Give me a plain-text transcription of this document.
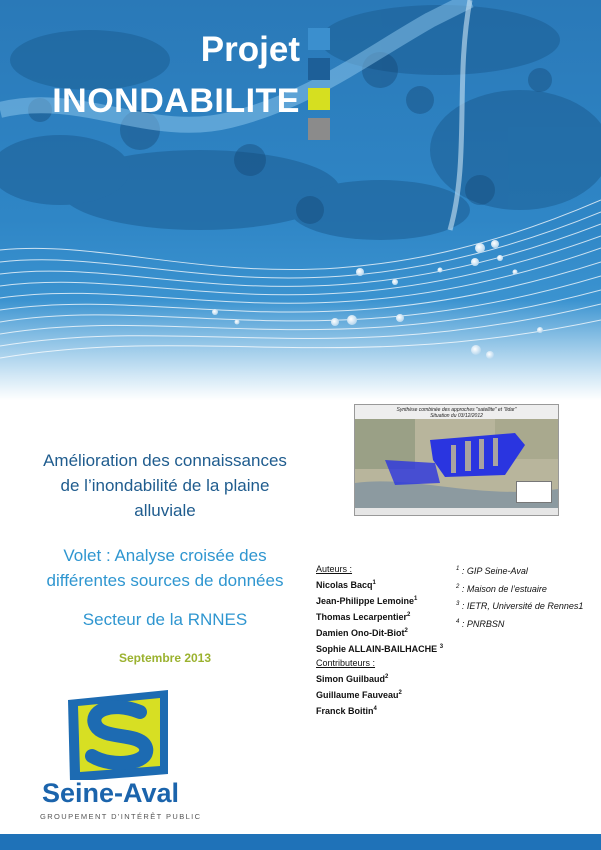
Projet
INONDABILITE
Synthèse combinée des approches "satellite" et "lidar"
Situation du 03/12/2012
Amélioration des connaissances
de l’inondabilité de la plaine
alluviale
Volet : Analyse croisée des
différentes sources de données
Secteur de la RNNES
Septembre 2013
Auteurs :
Nicolas Bacq$^1$
Jean-Philippe Lemoine$^1$
Thomas Lecarpentier$^2$
Damien Ono-Dit-Biot$^2$
Sophie ALLAIN-BAILHACHE $^3$
Contributeurs :
Simon Guilbaud$^2$
Guillaume Fauveau$^2$
Franck Boitin$^4$
$^1$ : GIP Seine-Aval
$^2$ : Maison de l’estuaire
$^3$ : IETR, Université de Rennes1
$^4$ : PNRBSN
Seine-Aval
GROUPEMENT D'INTÉRÊT PUBLIC
